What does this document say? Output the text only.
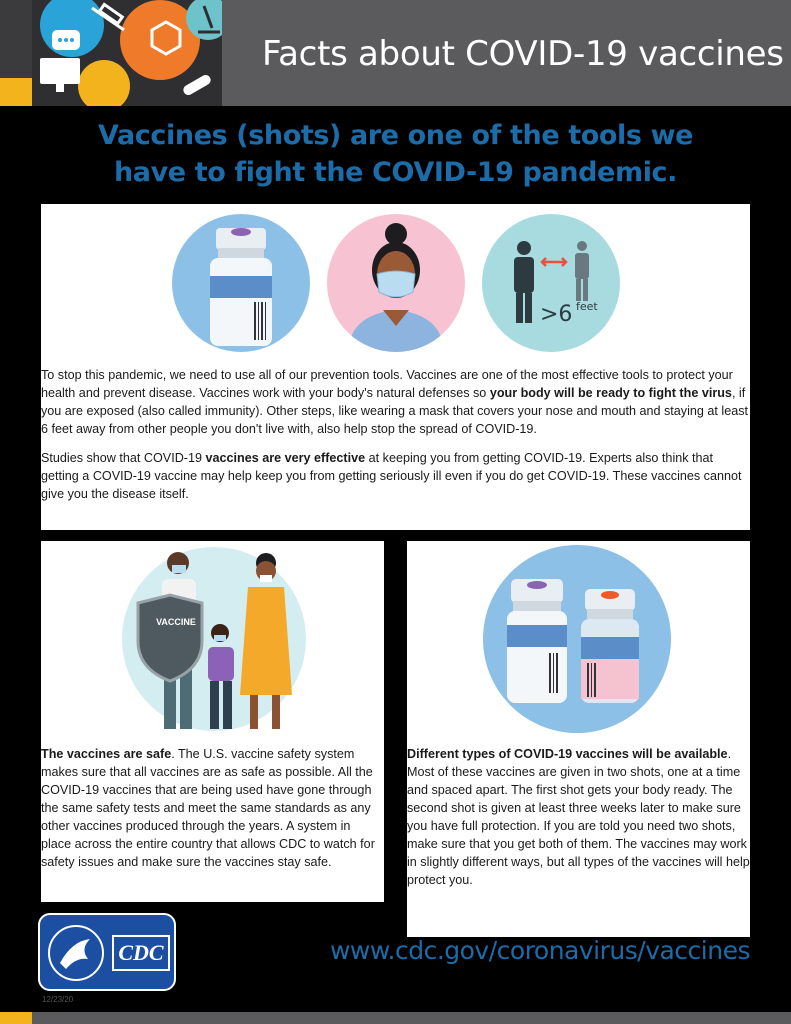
Facts about COVID-19 vaccines
Vaccines (shots) are one of the tools we
have to fight the COVID-19 pandemic.
>6 feet

To stop this pandemic, we need to use all of our prevention tools. Vaccines are one of the most effective tools to protect your health and prevent disease. Vaccines work with your body's natural defenses so your body will be ready to fight the virus, if you are exposed (also called immunity). Other steps, like wearing a mask that covers your nose and mouth and staying at least 6 feet away from other people you don't live with, also help stop the spread of COVID-19.

Studies show that COVID-19 vaccines are very effective at keeping you from getting COVID-19. Experts also think that getting a COVID-19 vaccine may help keep you from getting seriously ill even if you do get COVID-19. These vaccines cannot give you the disease itself.

VACCINE

The vaccines are safe. The U.S. vaccine safety system makes sure that all vaccines are as safe as possible. All the COVID-19 vaccines that are being used have gone through the same safety tests and meet the same standards as any other vaccines produced through the years. A system in place across the entire country that allows CDC to watch for safety issues and make sure the vaccines stay safe.

Different types of COVID-19 vaccines will be available. Most of these vaccines are given in two shots, one at a time and spaced apart. The first shot gets your body ready. The second shot is given at least three weeks later to make sure you have full protection. If you are told you need two shots, make sure that you get both of them. The vaccines may work in slightly different ways, but all types of the vaccines will help protect you.

CDC	www.cdc.gov/coronavirus/vaccines
12/23/20
